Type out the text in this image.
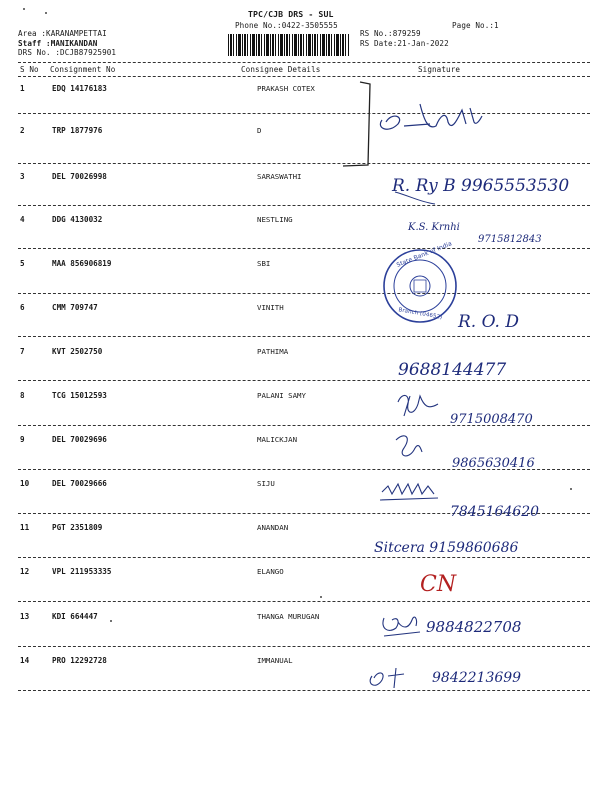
TPC/CJB DRS - SUL
Phone No.:0422-3505555
Area :KARANAMPETTAI
Staff :MANIKANDAN
DRS No. :DCJB87925901
RS No.:879259
Page No.:1
RS Date:21-Jan-2022
S No Consignment No	Consignee Details	Signature
1	EDQ 14176183	PRAKASH COTEX
2	TRP 1877976	D
3	DEL 70026998	SARASWATHI
4	DDG 4130032	NESTLING
5	MAA 856906819	SBI
6	CMM 709747	VINITH
7	KVT 2502750	PATHIMA
8	TCG 15012593	PALANI SAMY
9	DEL 70029696	MALICKJAN
10	DEL 70029666	SIJU
11	PGT 2351809	ANANDAN
12	VPL 211953335	ELANGO
13	KDI 664447	THANGA MURUGAN
14	PRO 12292728	IMMANUAL
State Bank of India
Branch (04652)
R. Ry B 9965553530
K.S. Krnhi
9715812843
R. O. D
9688144477
9715008470
9865630416
7845164620
Sitcera 9159860686
CN
9884822708
9842213699
